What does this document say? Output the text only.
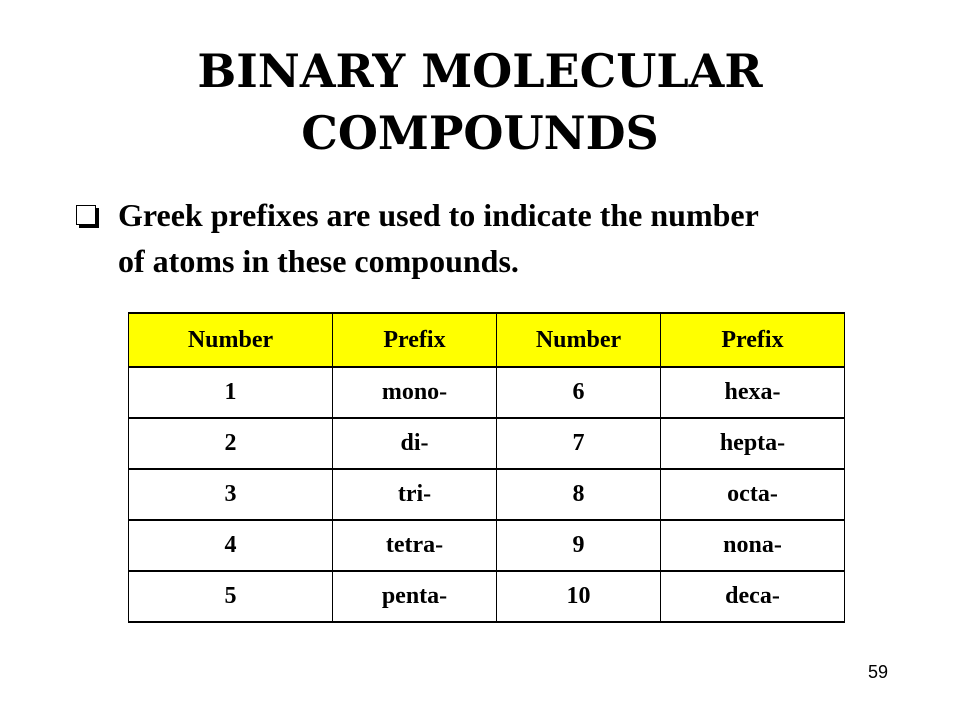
BINARY MOLECULAR
COMPOUNDS
Greek prefixes are used to indicate the number
of atoms in these compounds.
Number	Prefix	Number	Prefix
1	mono-	6	hexa-
2	di-	7	hepta-
3	tri-	8	octa-
4	tetra-	9	nona-
5	penta-	10	deca-
59
